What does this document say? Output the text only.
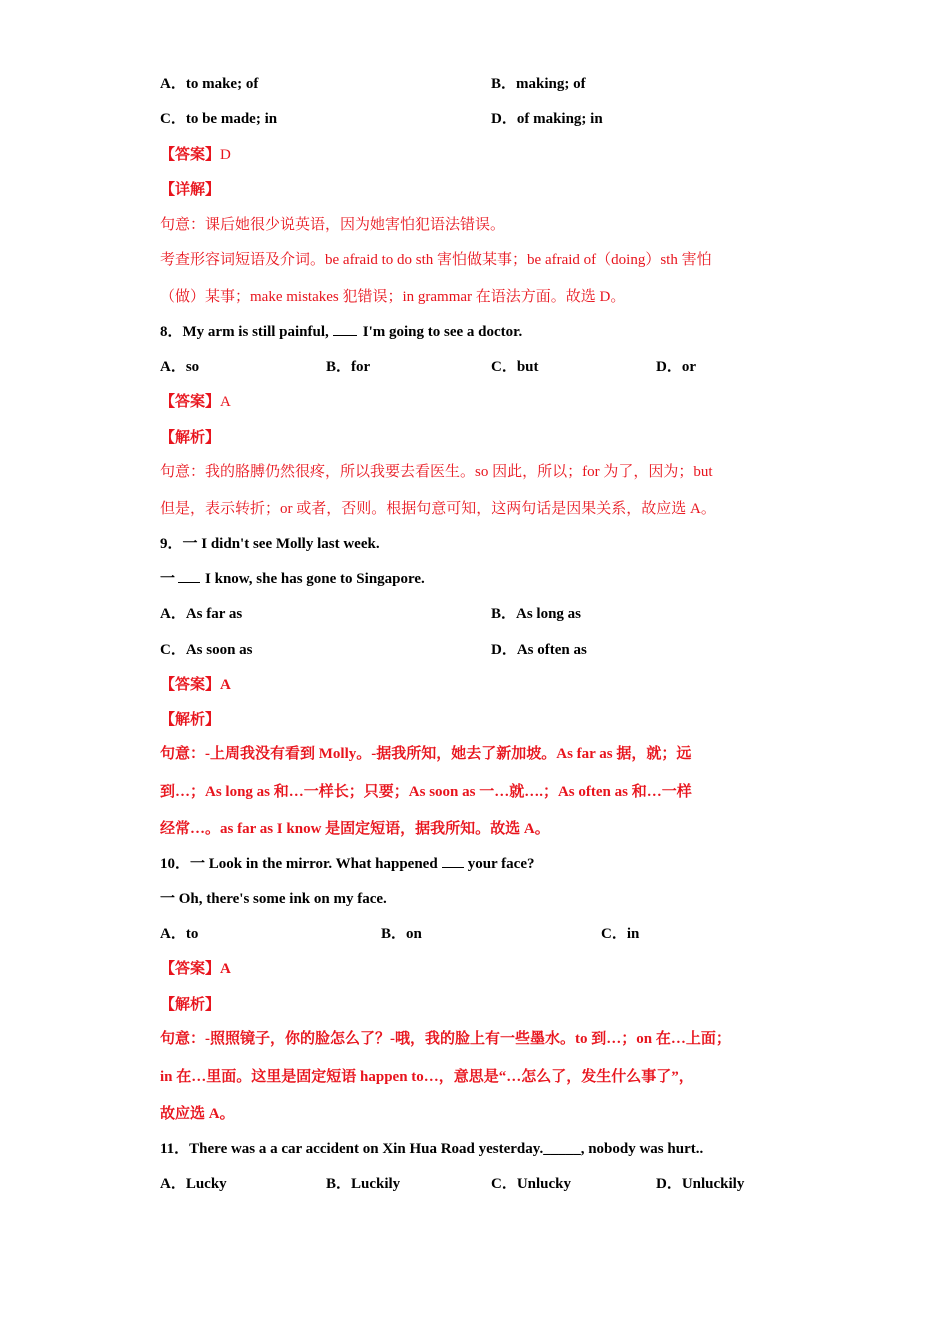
A．to make; of	B．making; of
C．to be made; in	D．of making; in
【答案】D
【详解】
句意：课后她很少说英语，因为她害怕犯语法错误。
考查形容词短语及介词。be afraid to do sth 害怕做某事；be afraid of（doing）sth 害怕
（做）某事；make mistakes 犯错误；in grammar 在语法方面。故选 D。
8．My arm is still painful, I'm going to see a doctor.
A．so	B．for	C．but	D．or
【答案】A
【解析】
句意：我的胳膊仍然很疼，所以我要去看医生。so 因此，所以；for 为了，因为；but
但是，表示转折；or 或者，否则。根据句意可知，这两句话是因果关系，故应选 A。
9．一 I didn't see Molly last week.
一 I know, she has gone to Singapore.
A．As far as	B．As long as
C．As soon as	D．As often as
【答案】A
【解析】
句意：-上周我没有看到 Molly。-据我所知，她去了新加坡。As far as 据，就；远
到…；As long as 和…一样长；只要；As soon as 一…就….；As often as 和…一样
经常…。as far as I know 是固定短语，据我所知。故选 A。
10．一 Look in the mirror. What happened your face?
一 Oh, there's some ink on my face.
A．to	B．on	C．in
【答案】A
【解析】
句意：-照照镜子，你的脸怎么了？-哦，我的脸上有一些墨水。to 到…；on 在…上面；
in 在…里面。这里是固定短语 happen to…，意思是“…怎么了，发生什么事了”，
故应选 A。
11．There was a a car accident on Xin Hua Road yesterday._____, nobody was hurt..
A．Lucky	B．Luckily	C．Unlucky	D．Unluckily
